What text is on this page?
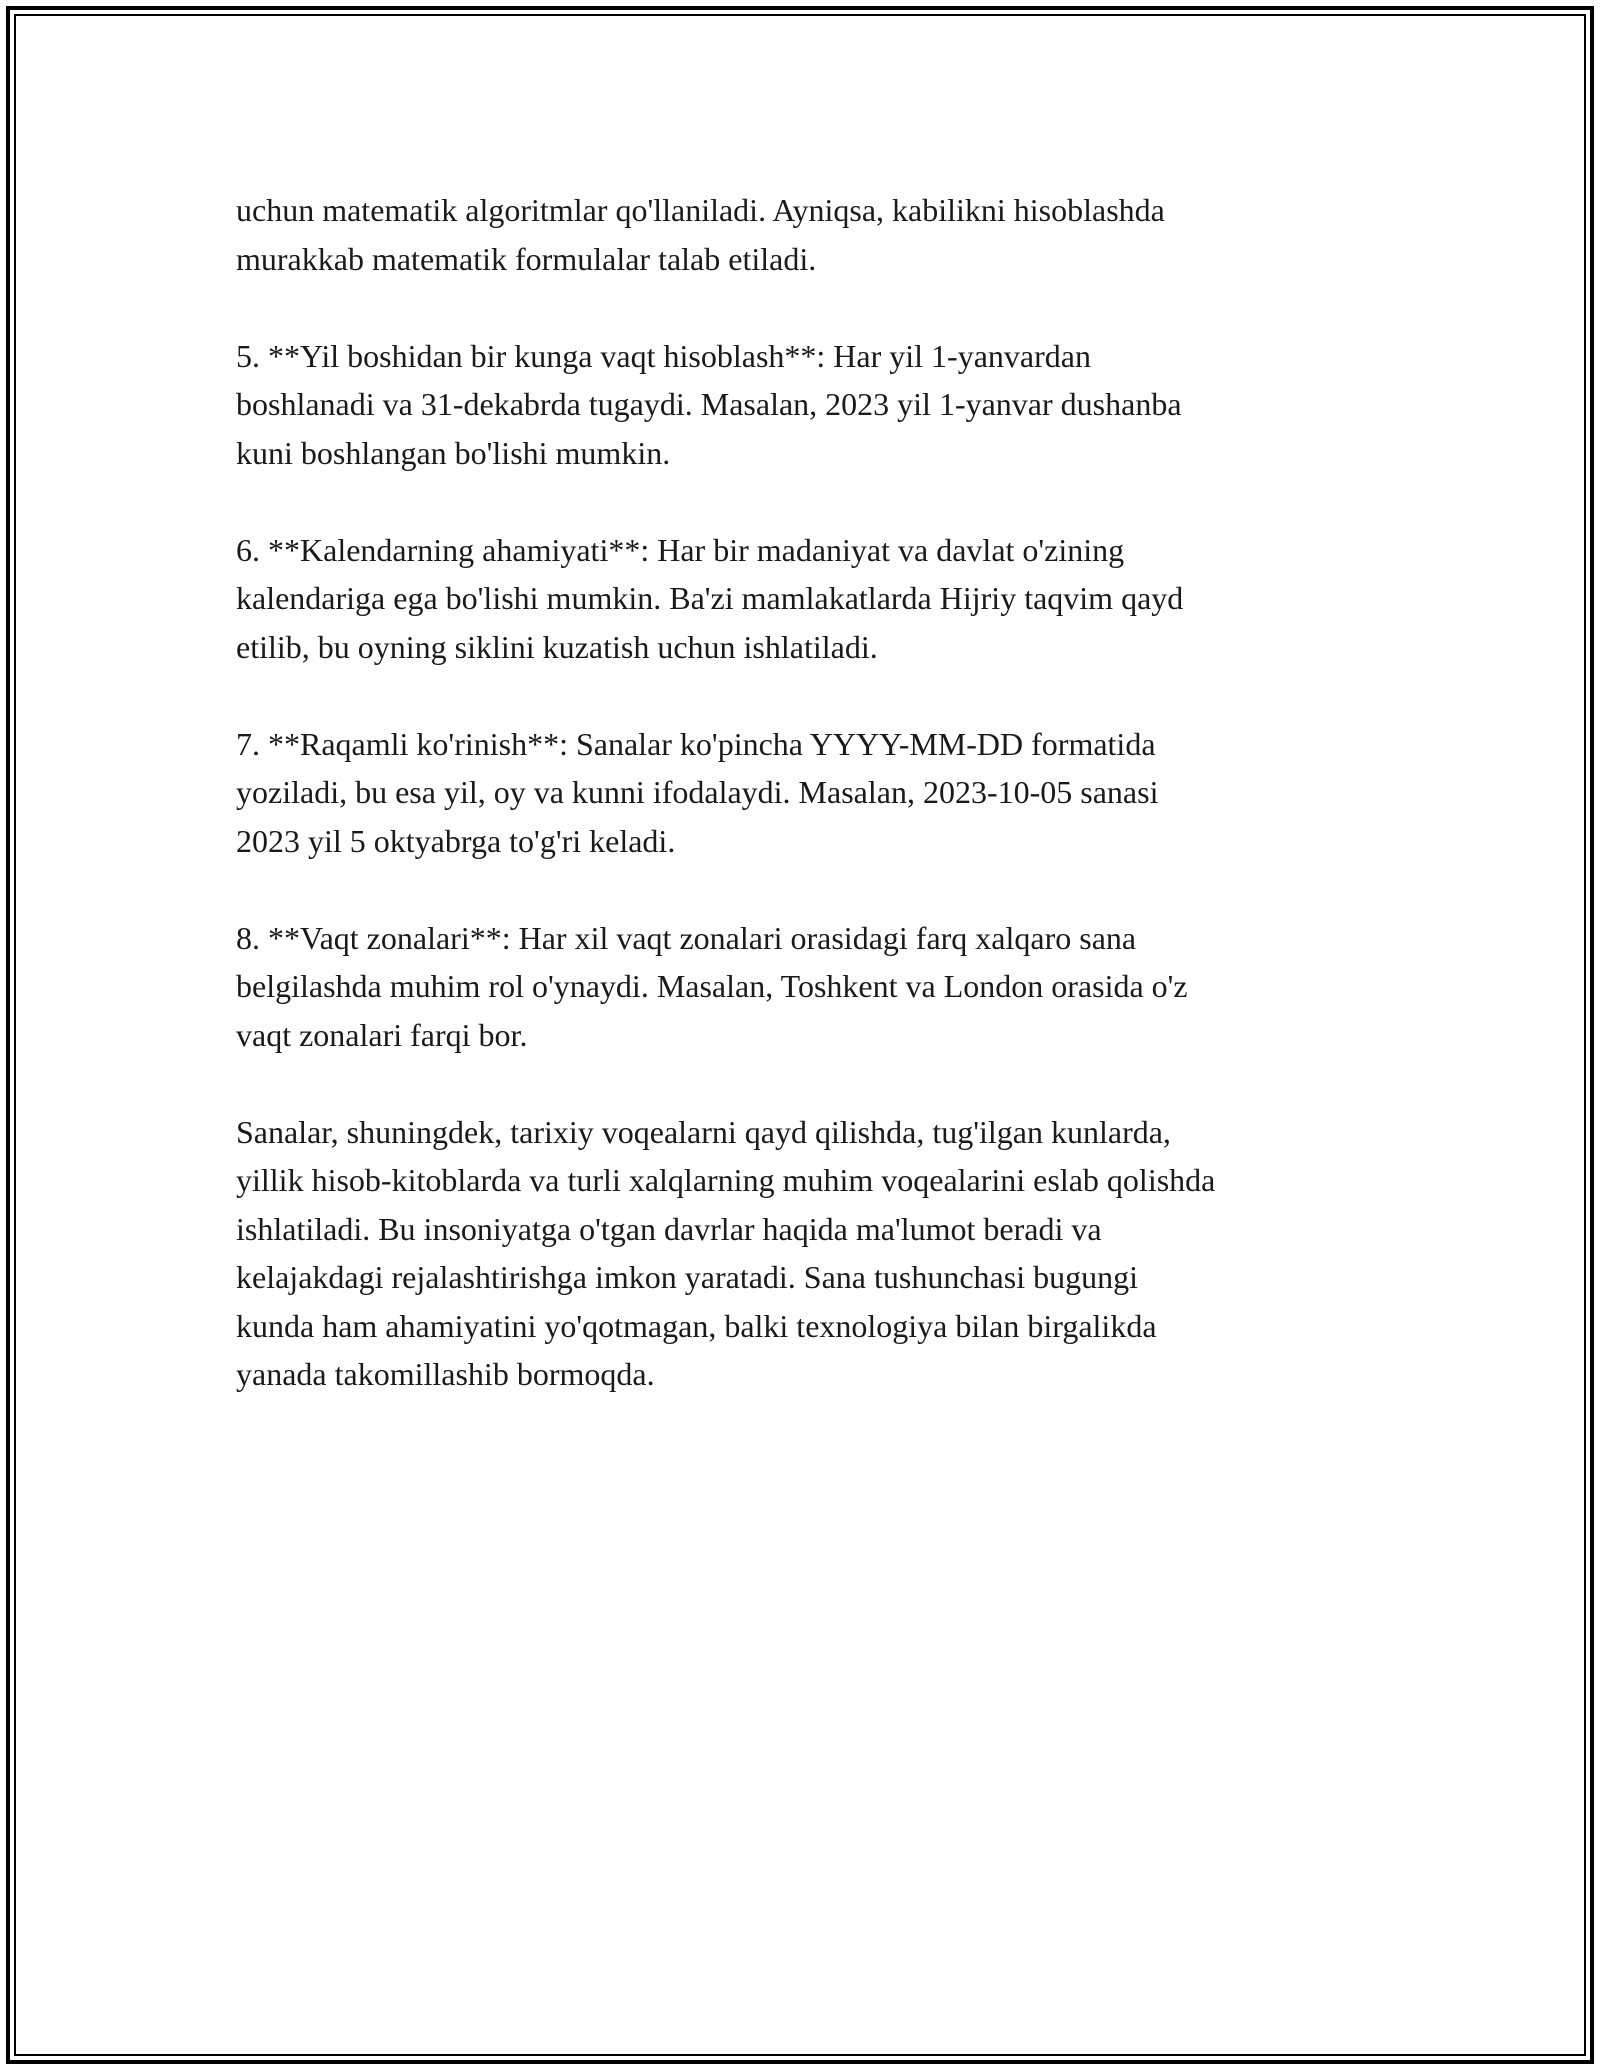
uchun matematik algoritmlar qo'llaniladi. Ayniqsa, kabilikni hisoblashda
murakkab matematik formulalar talab etiladi.

5. **Yil boshidan bir kunga vaqt hisoblash**: Har yil 1-yanvardan
boshlanadi va 31-dekabrda tugaydi. Masalan, 2023 yil 1-yanvar dushanba
kuni boshlangan bo'lishi mumkin.

6. **Kalendarning ahamiyati**: Har bir madaniyat va davlat o'zining
kalendariga ega bo'lishi mumkin. Ba'zi mamlakatlarda Hijriy taqvim qayd
etilib, bu oyning siklini kuzatish uchun ishlatiladi.

7. **Raqamli ko'rinish**: Sanalar ko'pincha YYYY-MM-DD formatida
yoziladi, bu esa yil, oy va kunni ifodalaydi. Masalan, 2023-10-05 sanasi
2023 yil 5 oktyabrga to'g'ri keladi.

8. **Vaqt zonalari**: Har xil vaqt zonalari orasidagi farq xalqaro sana
belgilashda muhim rol o'ynaydi. Masalan, Toshkent va London orasida o'z
vaqt zonalari farqi bor.

Sanalar, shuningdek, tarixiy voqealarni qayd qilishda, tug'ilgan kunlarda,
yillik hisob-kitoblarda va turli xalqlarning muhim voqealarini eslab qolishda
ishlatiladi. Bu insoniyatga o'tgan davrlar haqida ma'lumot beradi va
kelajakdagi rejalashtirishga imkon yaratadi. Sana tushunchasi bugungi
kunda ham ahamiyatini yo'qotmagan, balki texnologiya bilan birgalikda
yanada takomillashib bormoqda.
